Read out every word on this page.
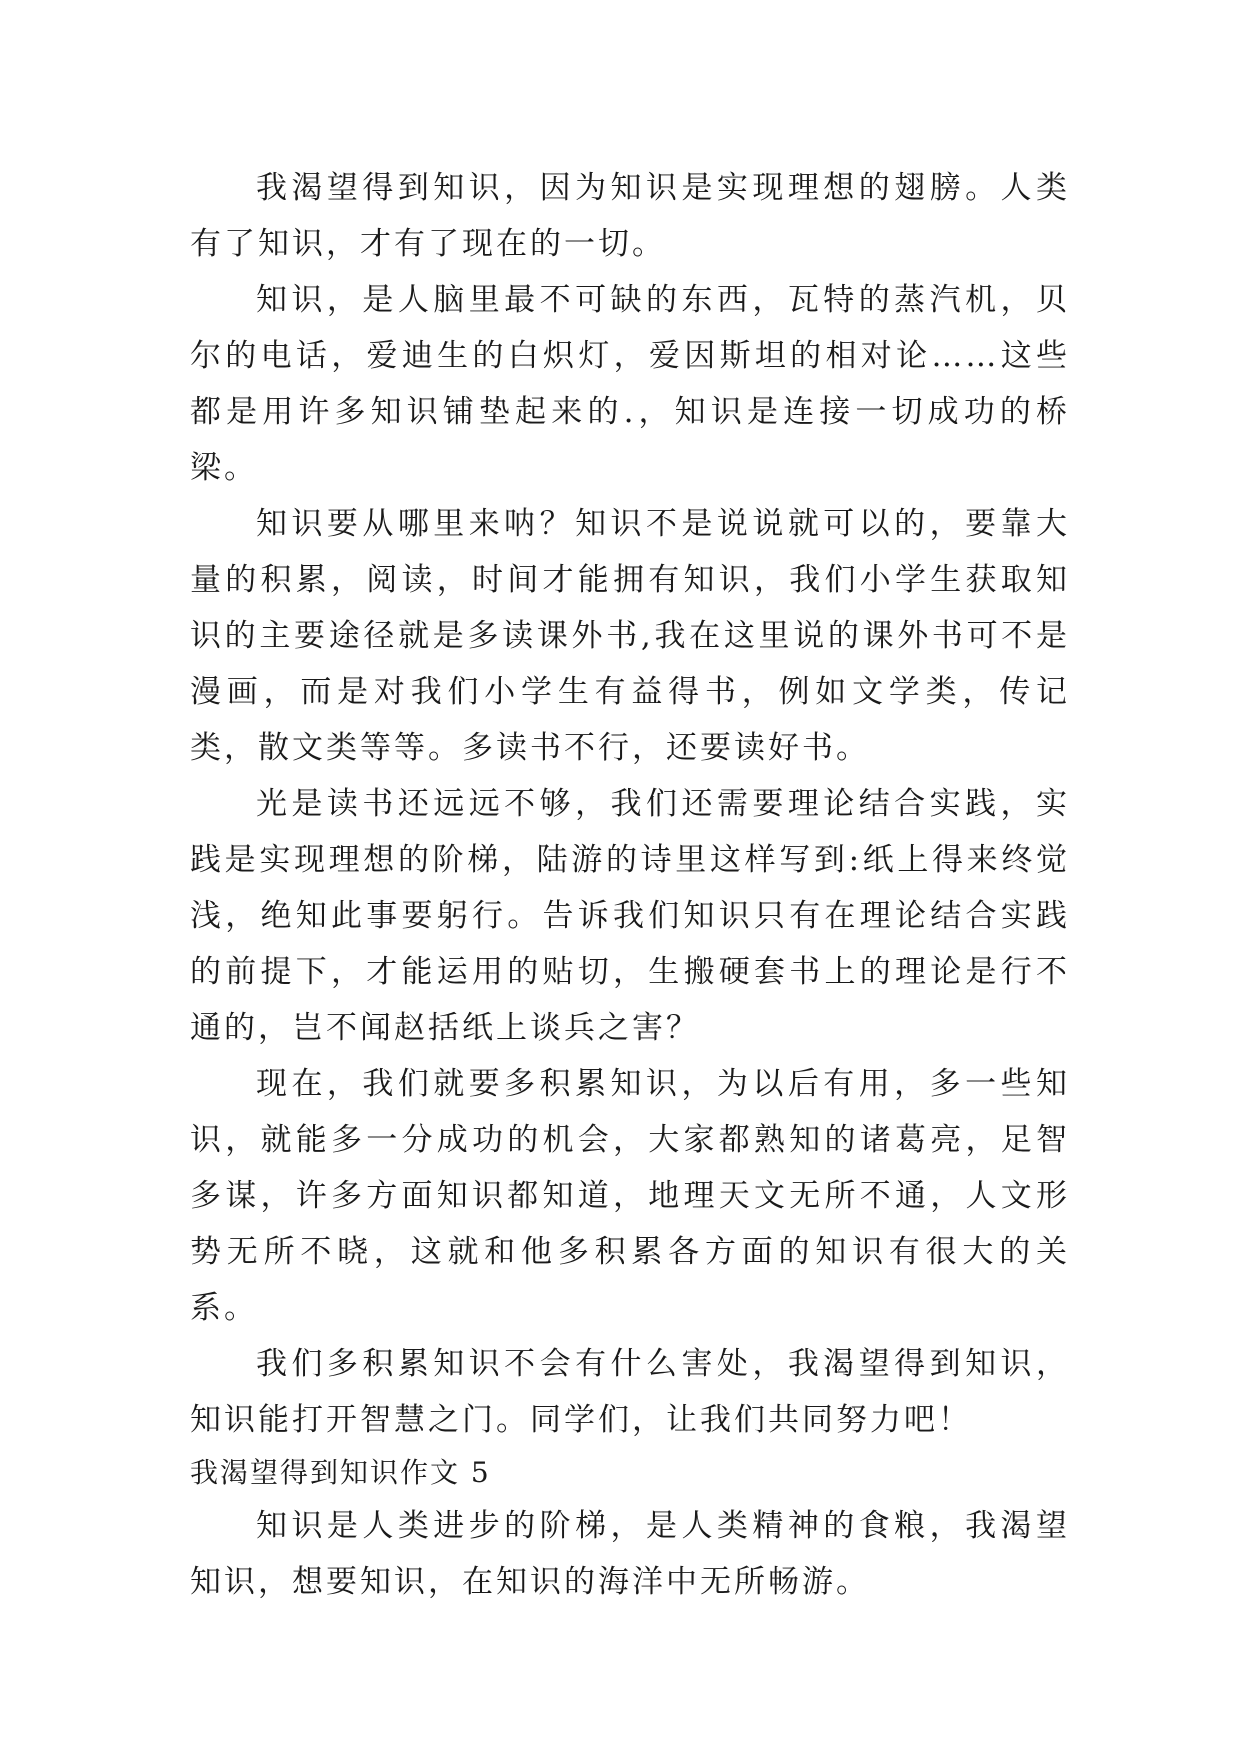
我渴望得到知识，因为知识是实现理想的翅膀。人类有了知识，才有了现在的一切。

知识，是人脑里最不可缺的东西，瓦特的蒸汽机，贝尔的电话，爱迪生的白炽灯，爱因斯坦的相对论……这些都是用许多知识铺垫起来的.，知识是连接一切成功的桥梁。

知识要从哪里来呐？知识不是说说就可以的，要靠大量的积累，阅读，时间才能拥有知识，我们小学生获取知识的主要途径就是多读课外书,我在这里说的课外书可不是漫画，而是对我们小学生有益得书，例如文学类，传记类，散文类等等。多读书不行，还要读好书。

光是读书还远远不够，我们还需要理论结合实践，实践是实现理想的阶梯，陆游的诗里这样写到:纸上得来终觉浅，绝知此事要躬行。告诉我们知识只有在理论结合实践的前提下，才能运用的贴切，生搬硬套书上的理论是行不通的，岂不闻赵括纸上谈兵之害？

现在，我们就要多积累知识，为以后有用，多一些知识，就能多一分成功的机会，大家都熟知的诸葛亮，足智多谋，许多方面知识都知道，地理天文无所不通，人文形势无所不晓，这就和他多积累各方面的知识有很大的关系。

我们多积累知识不会有什么害处，我渴望得到知识，知识能打开智慧之门。同学们，让我们共同努力吧！

我渴望得到知识作文 5

知识是人类进步的阶梯，是人类精神的食粮，我渴望知识，想要知识，在知识的海洋中无所畅游。
